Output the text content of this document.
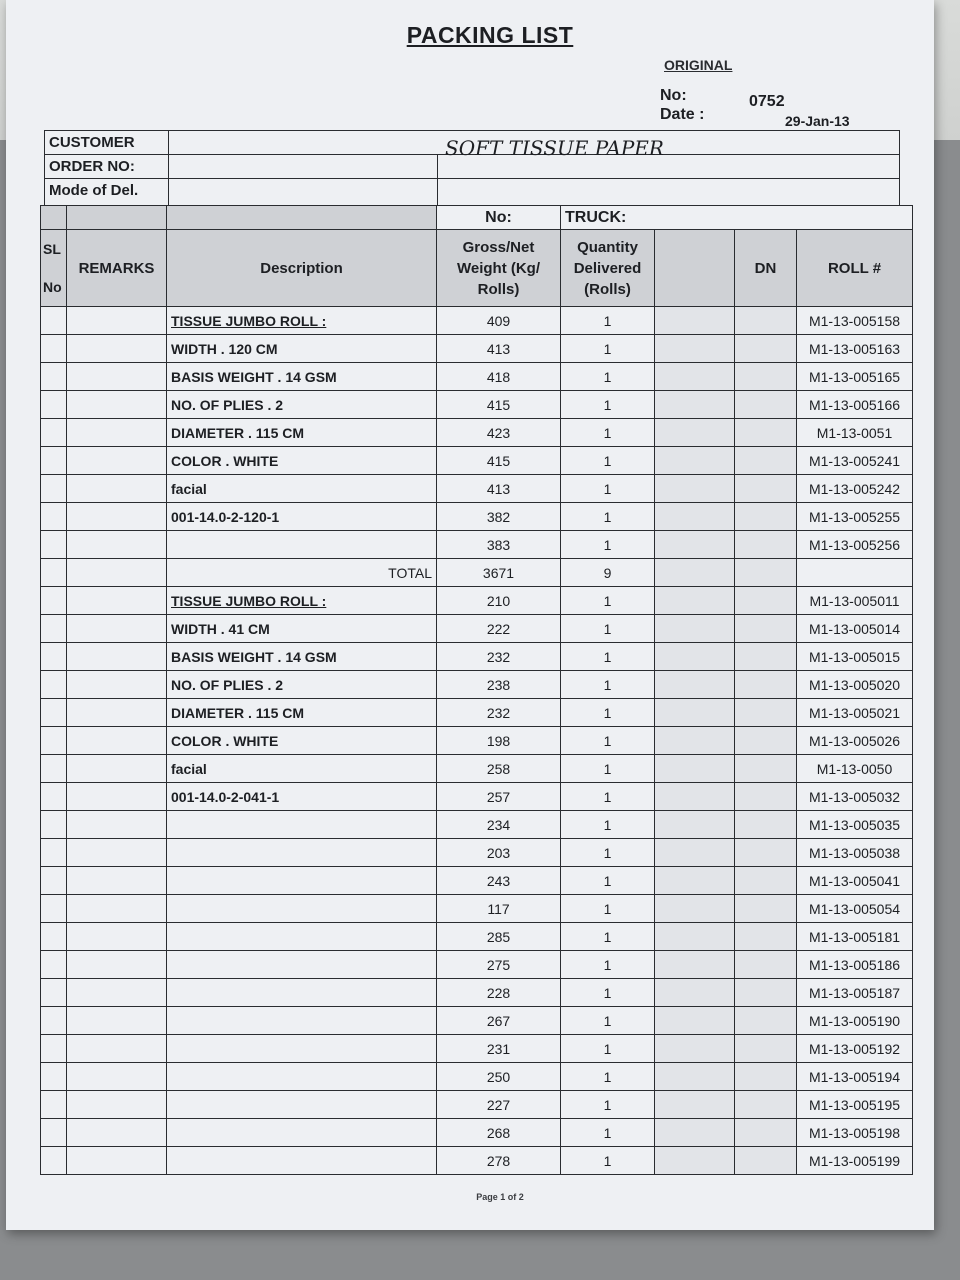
PACKING LIST
ORIGINAL
No:	0752
Date :	29-Jan-13
CUSTOMER	SOFT TISSUE PAPER
ORDER NO:
Mode of Del.
			No:	TRUCK:			
SL No	REMARKS	Description	Gross/Net Weight (Kg/ Rolls)	Quantity Delivered (Rolls)		DN	ROLL #
		TISSUE JUMBO ROLL :	409	1			M1-13-005158
		WIDTH . 120 CM	413	1			M1-13-005163
		BASIS WEIGHT . 14 GSM	418	1			M1-13-005165
		NO. OF PLIES . 2	415	1			M1-13-005166
		DIAMETER . 115 CM	423	1			M1-13-0051
		COLOR . WHITE	415	1			M1-13-005241
		facial	413	1			M1-13-005242
		001-14.0-2-120-1	382	1			M1-13-005255
			383	1			M1-13-005256
		TOTAL	3671	9			
		TISSUE JUMBO ROLL :	210	1			M1-13-005011
		WIDTH . 41 CM	222	1			M1-13-005014
		BASIS WEIGHT . 14 GSM	232	1			M1-13-005015
		NO. OF PLIES . 2	238	1			M1-13-005020
		DIAMETER . 115 CM	232	1			M1-13-005021
		COLOR . WHITE	198	1			M1-13-005026
		facial	258	1			M1-13-0050
		001-14.0-2-041-1	257	1			M1-13-005032
			234	1			M1-13-005035
			203	1			M1-13-005038
			243	1			M1-13-005041
			117	1			M1-13-005054
			285	1			M1-13-005181
			275	1			M1-13-005186
			228	1			M1-13-005187
			267	1			M1-13-005190
			231	1			M1-13-005192
			250	1			M1-13-005194
			227	1			M1-13-005195
			268	1			M1-13-005198
			278	1			M1-13-005199
Page 1 of 2
